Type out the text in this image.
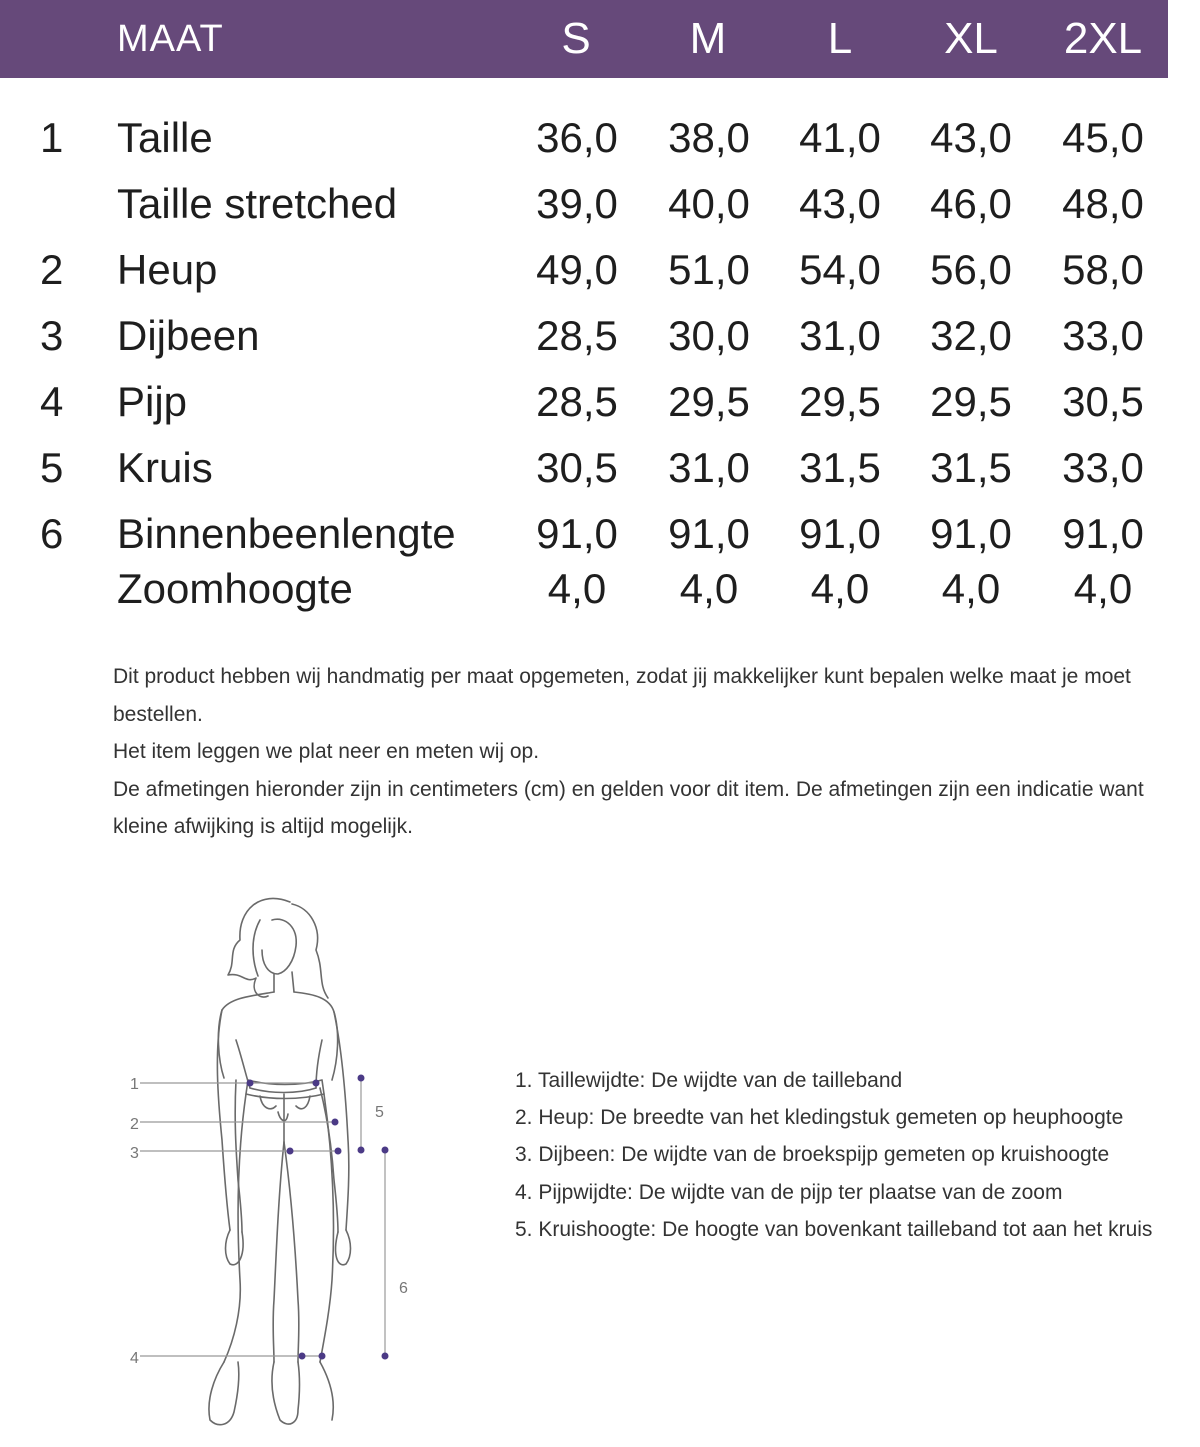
MAAT	S	M	L	XL	2XL
1 Taille	36,0	38,0	41,0	43,0	45,0
Taille stretched	39,0	40,0	43,0	46,0	48,0
2 Heup	49,0	51,0	54,0	56,0	58,0
3 Dijbeen	28,5	30,0	31,0	32,0	33,0
4 Pijp	28,5	29,5	29,5	29,5	30,5
5 Kruis	30,5	31,0	31,5	31,5	33,0
6 Binnenbeenlengte	91,0	91,0	91,0	91,0	91,0
Zoomhoogte	4,0	4,0	4,0	4,0	4,0

Dit product hebben wij handmatig per maat opgemeten, zodat jij makkelijker kunt bepalen welke maat je moet bestellen.

Het item leggen we plat neer en meten wij op.

De afmetingen hieronder zijn in centimeters (cm) en gelden voor dit item. De afmetingen zijn een indicatie want kleine afwijking is altijd mogelijk.

1
2
3
4
5
6

1. Taillewijdte: De wijdte van de tailleband

2. Heup: De breedte van het kledingstuk gemeten op heuphoogte

3. Dijbeen: De wijdte van de broekspijp gemeten op kruishoogte

4. Pijpwijdte: De wijdte van de pijp ter plaatse van de zoom

5. Kruishoogte: De hoogte van bovenkant tailleband tot aan het kruis
